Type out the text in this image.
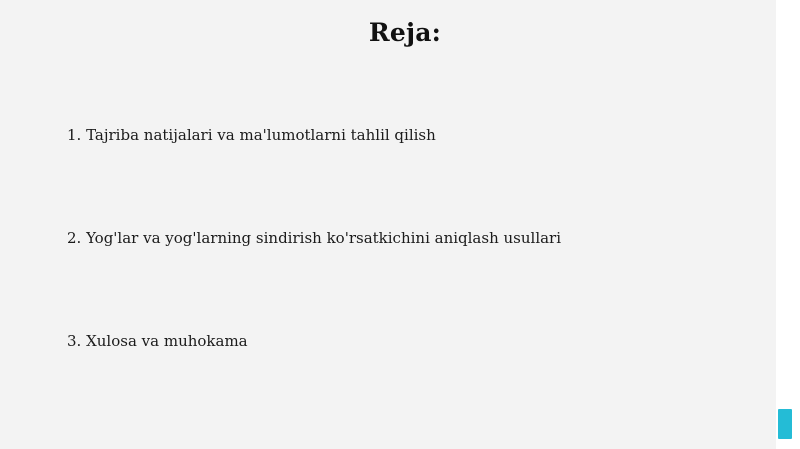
Reja:
1. Tajriba natijalari va ma'lumotlarni tahlil qilish
2. Yog'lar va yog'larning sindirish ko'rsatkichini aniqlash usullari
3. Xulosa va muhokama
